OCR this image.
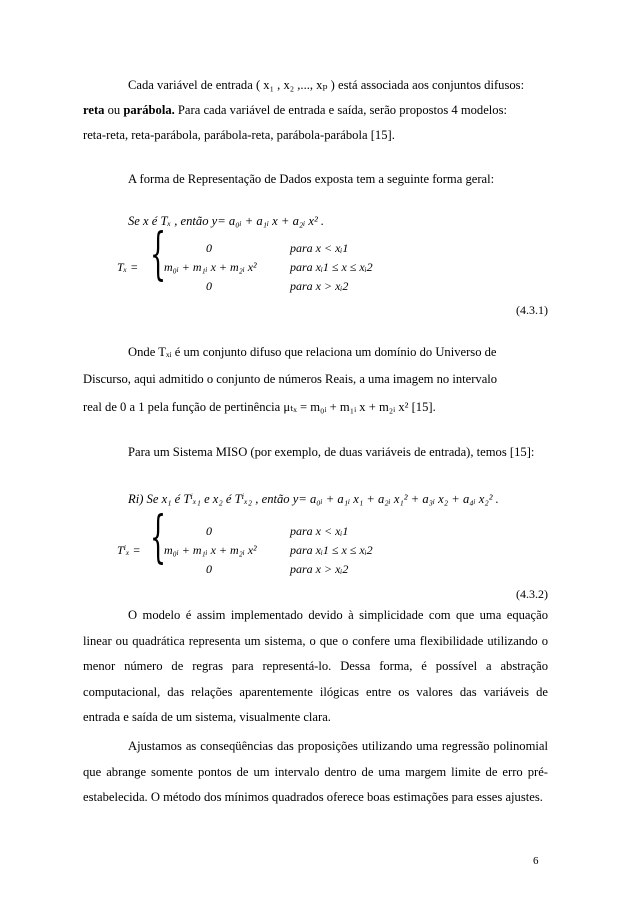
Cada variável de entrada ( x₁ , x₂ ,..., xₚ ) está associada aos conjuntos difusos:
reta ou parábola. Para cada variável de entrada e saída, serão propostos 4 modelos:
reta-reta, reta-parábola, parábola-reta, parábola-parábola [15].
A forma de Representação de Dados exposta tem a seguinte forma geral:
Se x é Tₓ , então y= a₀ᵢ + a₁ᵢ x + a₂ᵢ x² .
Tₓ = {	0	para x < xᵢ1
m₀ᵢ + m₁ᵢ x + m₂ᵢ x²	para xᵢ1 ≤ x ≤ xᵢ2
0	para x > xᵢ2
(4.3.1)
Onde Tₓᵢ é um conjunto difuso que relaciona um domínio do Universo de
Discurso, aqui admitido o conjunto de números Reais, a uma imagem no intervalo
real de 0 a 1 pela função de pertinência μₜₓ = m₀ᵢ + m₁ᵢ x + m₂ᵢ x² [15].
Para um Sistema MISO (por exemplo, de duas variáveis de entrada), temos [15]:
Ri) Se x₁ é Tⁱₓ₁ e x₂ é Tⁱₓ₂ , então y= a₀ᵢ + a₁ᵢ x₁ + a₂ᵢ x₁² + a₃ᵢ x₂ + a₄ᵢ x₂² .
Tⁱₓ = {	0	para x < xᵢ1
m₀ᵢ + m₁ᵢ x + m₂ᵢ x²	para xᵢ1 ≤ x ≤ xᵢ2
0	para x > xᵢ2
(4.3.2)
O modelo é assim implementado devido à simplicidade com que uma equação linear ou quadrática representa um sistema, o que o confere uma flexibilidade utilizando o menor número de regras para representá-lo. Dessa forma, é possível a abstração computacional, das relações aparentemente ilógicas entre os valores das variáveis de entrada e saída de um sistema, visualmente clara.
Ajustamos as conseqüências das proposições utilizando uma regressão polinomial que abrange somente pontos de um intervalo dentro de uma margem limite de erro pré-estabelecida. O método dos mínimos quadrados oferece boas estimações para esses ajustes.
6
